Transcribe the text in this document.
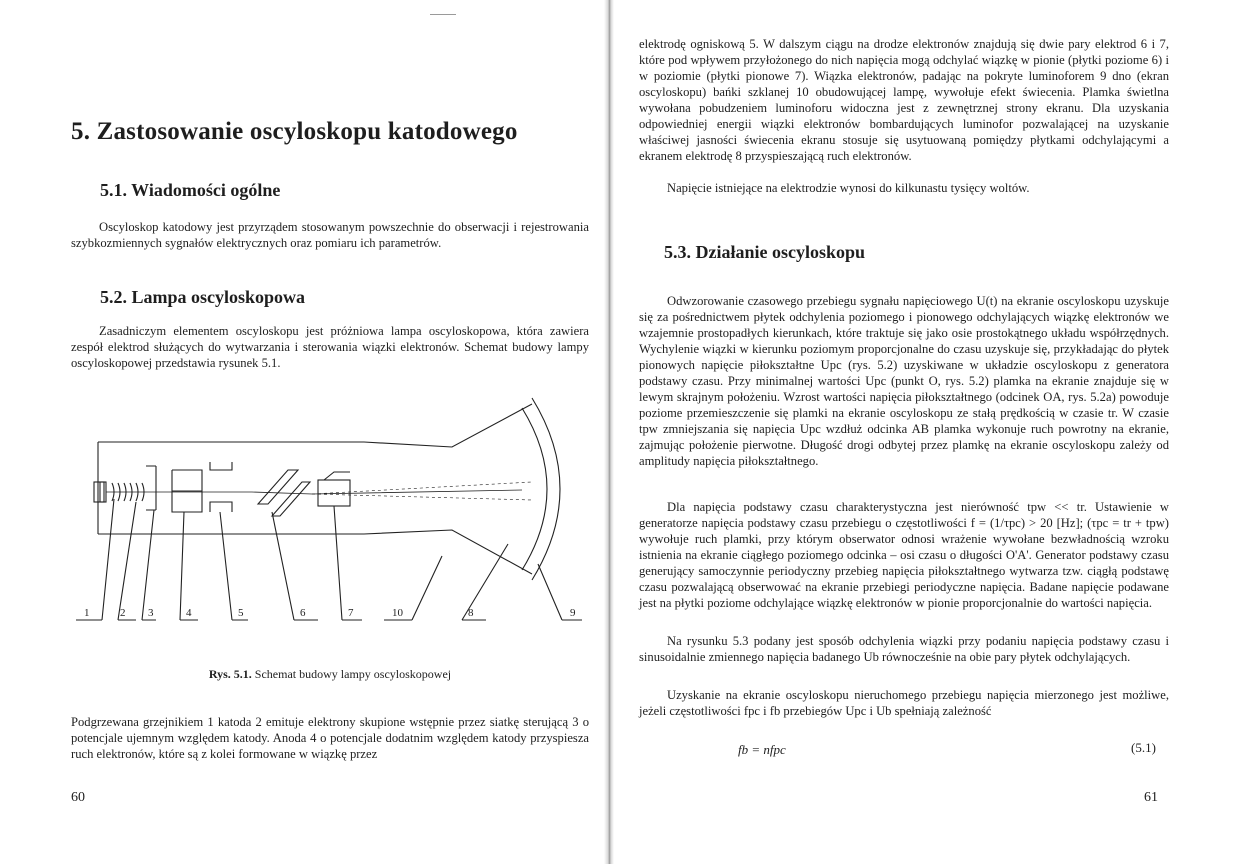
5. Zastosowanie oscyloskopu katodowego
5.1. Wiadomości ogólne

Oscyloskop katodowy jest przyrządem stosowanym powszechnie do obserwacji i rejestrowania szybkozmiennych sygnałów elektrycznych oraz pomiaru ich parametrów.

5.2. Lampa oscyloskopowa

Zasadniczym elementem oscyloskopu jest próżniowa lampa oscyloskopowa, która zawiera zespół elektrod służących do wytwarzania i sterowania wiązki elektronów. Schemat budowy lampy oscyloskopowej przedstawia rysunek 5.1.

1	2 3	4	5	6	7	10	8	9

Rys. 5.1. Schemat budowy lampy oscyloskopowej

Podgrzewana grzejnikiem 1 katoda 2 emituje elektrony skupione wstępnie przez siatkę sterującą 3 o potencjale ujemnym względem katody. Anoda 4 o potencjale dodatnim względem katody przyspiesza ruch elektronów, które są z kolei formowane w wiązkę przez

60

elektrodę ogniskową 5. W dalszym ciągu na drodze elektronów znajdują się dwie pary elektrod 6 i 7, które pod wpływem przyłożonego do nich napięcia mogą odchylać wiązkę w pionie (płytki poziome 6) i w poziomie (płytki pionowe 7). Wiązka elektronów, padając na pokryte luminoforem 9 dno (ekran oscyloskopu) bańki szklanej 10 obudowującej lampę, wywołuje efekt świecenia. Plamka świetlna wywołana pobudzeniem luminoforu widoczna jest z zewnętrznej strony ekranu. Dla uzyskania odpowiedniej energii wiązki elektronów bombardujących luminofor pozwalającej na uzyskanie właściwej jasności świecenia ekranu stosuje się usytuowaną pomiędzy płytkami odchylającymi a ekranem elektrodę 8 przyspieszającą ruch elektronów.

Napięcie istniejące na elektrodzie wynosi do kilkunastu tysięcy woltów.

5.3. Działanie oscyloskopu

Odwzorowanie czasowego przebiegu sygnału napięciowego U(t) na ekranie oscyloskopu uzyskuje się za pośrednictwem płytek odchylenia poziomego i pionowego odchylających wiązkę elektronów we wzajemnie prostopadłych kierunkach, które traktuje się jako osie prostokątnego układu współrzędnych. Wychylenie wiązki w kierunku poziomym proporcjonalne do czasu uzyskuje się, przykładając do płytek pionowych napięcie piłokształtne Upc (rys. 5.2) uzyskiwane w układzie oscyloskopu z generatora podstawy czasu. Przy minimalnej wartości Upc (punkt O, rys. 5.2) plamka na ekranie znajduje się w lewym skrajnym położeniu. Wzrost wartości napięcia piłokształtnego (odcinek OA, rys. 5.2a) powoduje poziome przemieszczenie się plamki na ekranie oscyloskopu ze stałą prędkością w czasie tr. W czasie tpw zmniejszania się napięcia Upc wzdłuż odcinka AB plamka wykonuje ruch powrotny na ekranie, zajmując położenie pierwotne. Długość drogi odbytej przez plamkę na ekranie oscyloskopu zależy od amplitudy napięcia piłokształtnego.

Dla napięcia podstawy czasu charakterystyczna jest nierówność tpw << tr. Ustawienie w generatorze napięcia podstawy czasu przebiegu o częstotliwości f = (1/τpc) > 20 [Hz]; (τpc = tr + tpw) wywołuje ruch plamki, przy którym obserwator odnosi wrażenie wywołane bezwładnością wzroku istnienia na ekranie ciągłego poziomego odcinka – osi czasu o długości O'A'. Generator podstawy czasu generujący samoczynnie periodyczny przebieg napięcia piłokształtnego wytwarza tzw. ciągłą podstawę czasu pozwalającą obserwować na ekranie przebiegi periodyczne napięcia. Badane napięcie podawane jest na płytki poziome odchylające wiązkę elektronów w pionie proporcjonalnie do wartości napięcia.

Na rysunku 5.3 podany jest sposób odchylenia wiązki przy podaniu napięcia podstawy czasu i sinusoidalnie zmiennego napięcia badanego Ub równocześnie na obie pary płytek odchylających.

Uzyskanie na ekranie oscyloskopu nieruchomego przebiegu napięcia mierzonego jest możliwe, jeżeli częstotliwości fpc i fb przebiegów Upc i Ub spełniają zależność

61

fb = nfpc	(5.1)
